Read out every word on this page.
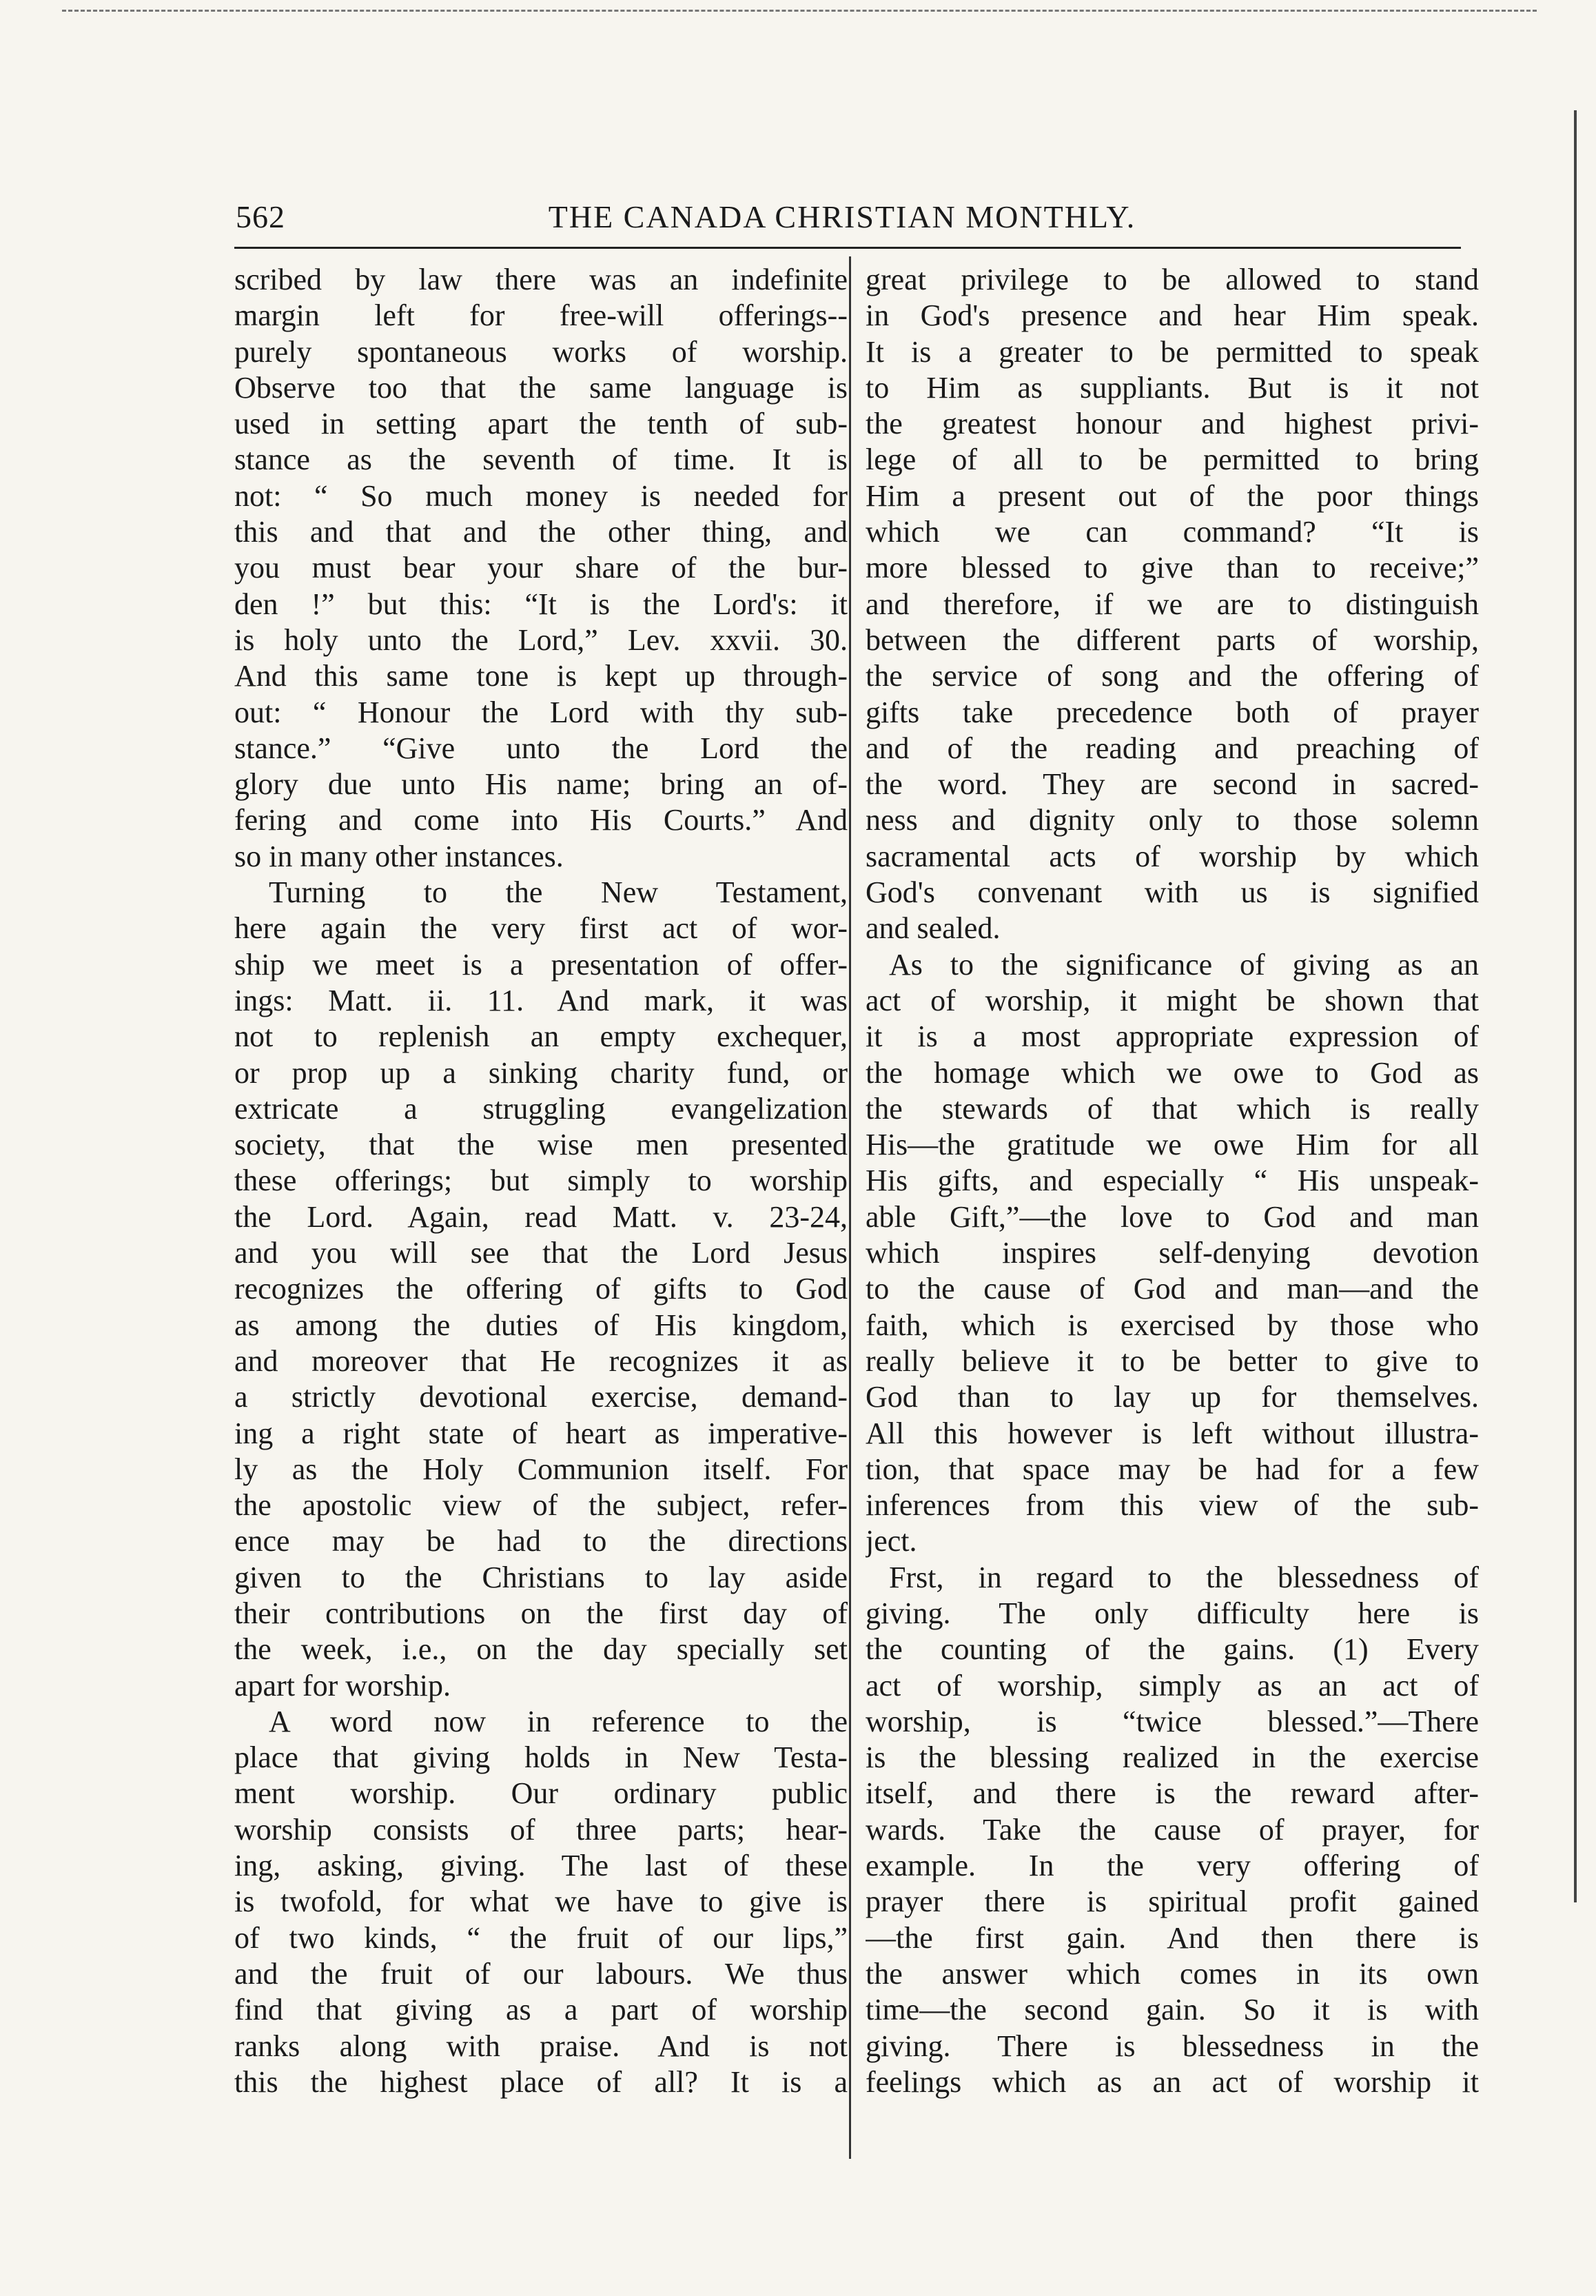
562	THE CANADA CHRISTIAN MONTHLY.
scribed by law there was an indefinite
margin left for free-will offerings--
purely spontaneous works of worship.
Observe too that the same language is
used in setting apart the tenth of sub-
stance as the seventh of time. It is
not: “ So much money is needed for
this and that and the other thing, and
you must bear your share of the bur-
den !” but this: “It is the Lord's: it
is holy unto the Lord,” Lev. xxvii. 30.
And this same tone is kept up through-
out: “ Honour the Lord with thy sub-
stance.” “Give unto the Lord the
glory due unto His name; bring an of-
fering and come into His Courts.” And
so in many other instances.
Turning to the New Testament,
here again the very first act of wor-
ship we meet is a presentation of offer-
ings: Matt. ii. 11. And mark, it was
not to replenish an empty exchequer,
or prop up a sinking charity fund, or
extricate a struggling evangelization
society, that the wise men presented
these offerings; but simply to worship
the Lord. Again, read Matt. v. 23-24,
and you will see that the Lord Jesus
recognizes the offering of gifts to God
as among the duties of His kingdom,
and moreover that He recognizes it as
a strictly devotional exercise, demand-
ing a right state of heart as imperative-
ly as the Holy Communion itself. For
the apostolic view of the subject, refer-
ence may be had to the directions
given to the Christians to lay aside
their contributions on the first day of
the week, i.e., on the day specially set
apart for worship.
A word now in reference to the
place that giving holds in New Testa-
ment worship. Our ordinary public
worship consists of three parts; hear-
ing, asking, giving. The last of these
is twofold, for what we have to give is
of two kinds, “ the fruit of our lips,”
and the fruit of our labours. We thus
find that giving as a part of worship
ranks along with praise. And is not
this the highest place of all? It is a
great privilege to be allowed to stand
in God's presence and hear Him speak.
It is a greater to be permitted to speak
to Him as suppliants. But is it not
the greatest honour and highest privi-
lege of all to be permitted to bring
Him a present out of the poor things
which we can command? “It is
more blessed to give than to receive;”
and therefore, if we are to distinguish
between the different parts of worship,
the service of song and the offering of
gifts take precedence both of prayer
and of the reading and preaching of
the word. They are second in sacred-
ness and dignity only to those solemn
sacramental acts of worship by which
God's convenant with us is signified
and sealed.
As to the significance of giving as an
act of worship, it might be shown that
it is a most appropriate expression of
the homage which we owe to God as
the stewards of that which is really
His—the gratitude we owe Him for all
His gifts, and especially “ His unspeak-
able Gift,”—the love to God and man
which inspires self-denying devotion
to the cause of God and man—and the
faith, which is exercised by those who
really believe it to be better to give to
God than to lay up for themselves.
All this however is left without illustra-
tion, that space may be had for a few
inferences from this view of the sub-
ject.
Frst, in regard to the blessedness of
giving. The only difficulty here is
the counting of the gains. (1) Every
act of worship, simply as an act of
worship, is “twice blessed.”—There
is the blessing realized in the exercise
itself, and there is the reward after-
wards. Take the cause of prayer, for
example. In the very offering of
prayer there is spiritual profit gained
—the first gain. And then there is
the answer which comes in its own
time—the second gain. So it is with
giving. There is blessedness in the
feelings which as an act of worship it
